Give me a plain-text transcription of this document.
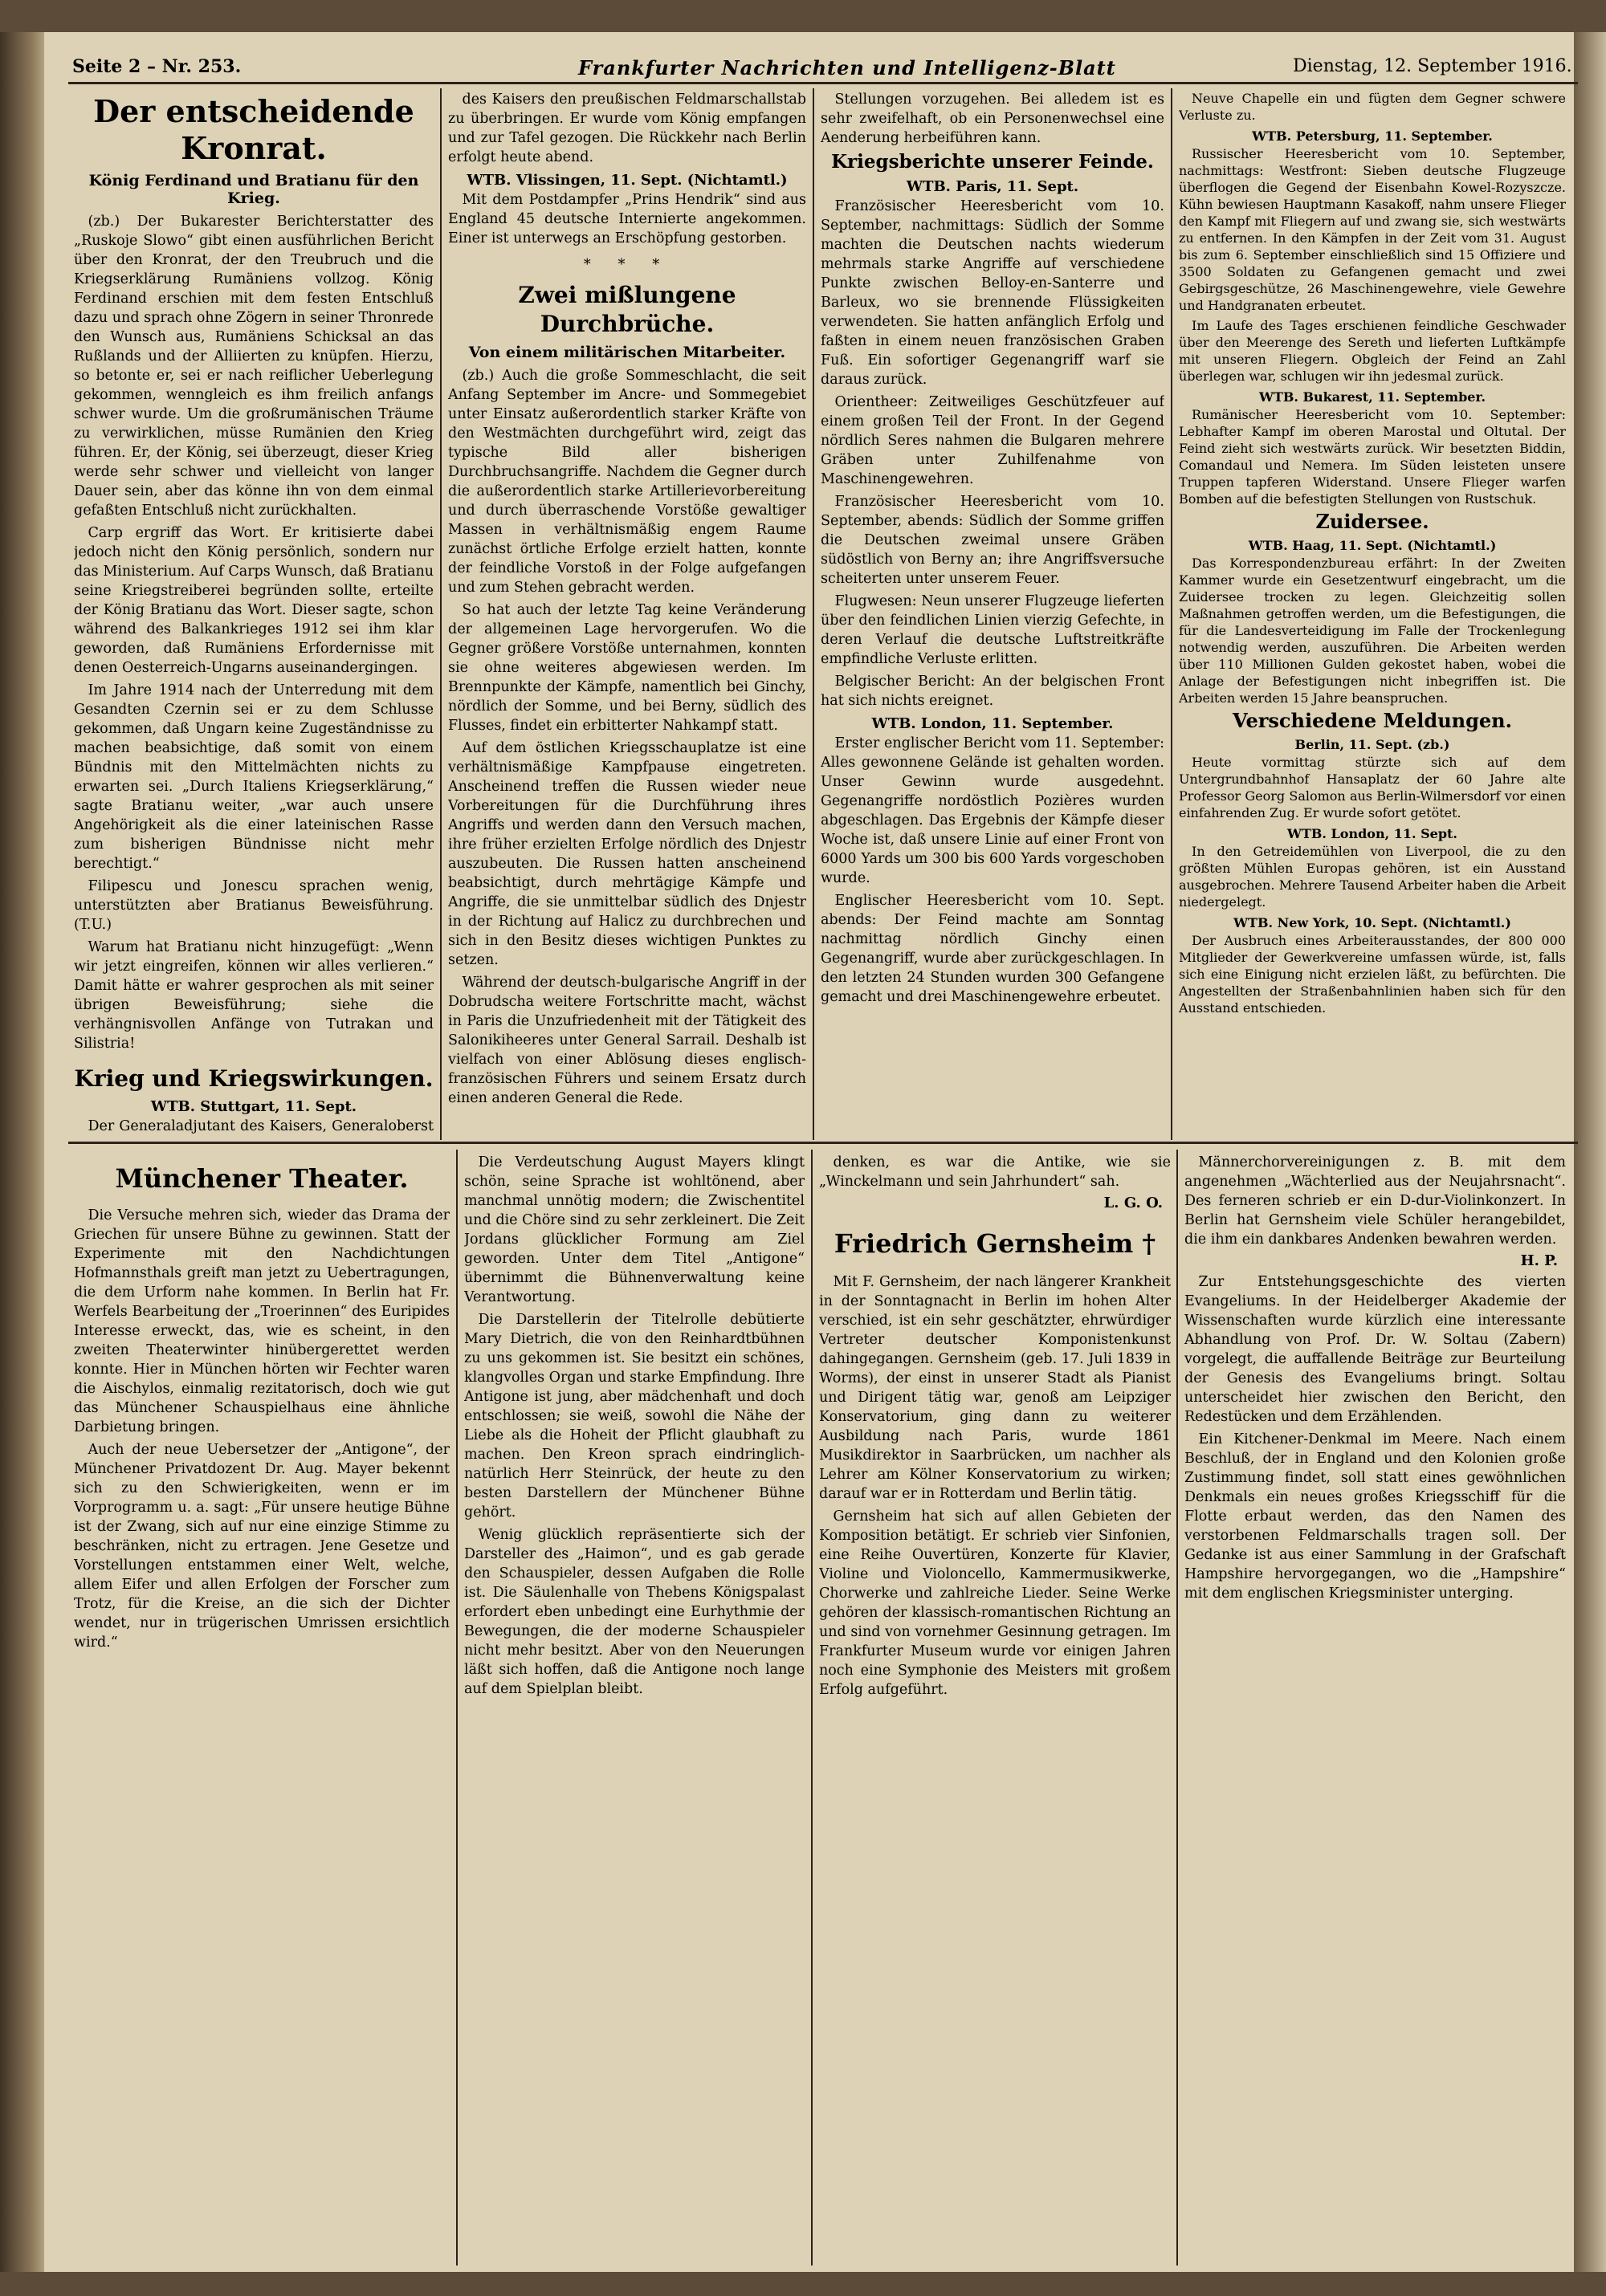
Seite 2 – Nr. 253.	Frankfurter Nachrichten und Intelligenz-Blatt	Dienstag, 12. September 1916.
Der entscheidende Kronrat.
König Ferdinand und Bratianu für den Krieg.

(zb.) Der Bukarester Berichterstatter des „Ruskoje Slowo“ gibt einen ausführlichen Bericht über den Kronrat, der den Treubruch und die Kriegserklärung Rumäniens vollzog. König Ferdinand erschien mit dem festen Entschluß dazu und sprach ohne Zögern in seiner Thronrede den Wunsch aus, Rumäniens Schicksal an das Rußlands und der Alliierten zu knüpfen. Hierzu, so betonte er, sei er nach reiflicher Ueberlegung gekommen, wenngleich es ihm freilich anfangs schwer wurde. Um die großrumänischen Träume zu verwirklichen, müsse Rumänien den Krieg führen. Er, der König, sei überzeugt, dieser Krieg werde sehr schwer und vielleicht von langer Dauer sein, aber das könne ihn von dem einmal gefaßten Entschluß nicht zurückhalten.

Carp ergriff das Wort. Er kritisierte dabei jedoch nicht den König persönlich, sondern nur das Ministerium. Auf Carps Wunsch, daß Bratianu seine Kriegstreiberei begründen sollte, erteilte der König Bratianu das Wort. Dieser sagte, schon während des Balkankrieges 1912 sei ihm klar geworden, daß Rumäniens Erfordernisse mit denen Oesterreich-Ungarns auseinandergingen.

Im Jahre 1914 nach der Unterredung mit dem Gesandten Czernin sei er zu dem Schlusse gekommen, daß Ungarn keine Zugeständnisse zu machen beabsichtige, daß somit von einem Bündnis mit den Mittelmächten nichts zu erwarten sei. „Durch Italiens Kriegserklärung,“ sagte Bratianu weiter, „war auch unsere Angehörigkeit als die einer lateinischen Rasse zum bisherigen Bündnisse nicht mehr berechtigt.“

Filipescu und Jonescu sprachen wenig, unterstützten aber Bratianus Beweisführung. (T.U.)

Warum hat Bratianu nicht hinzugefügt: „Wenn wir jetzt eingreifen, können wir alles verlieren.“ Damit hätte er wahrer gesprochen als mit seiner übrigen Beweisführung; siehe die verhängnisvollen Anfänge von Tutrakan und Silistria!

Krieg und Kriegswirkungen.
WTB. Stuttgart, 11. Sept.

Der Generaladjutant des Kaisers, Generaloberst

des Kaisers den preußischen Feldmarschallstab zu überbringen. Er wurde vom König empfangen und zur Tafel gezogen. Die Rückkehr nach Berlin erfolgt heute abend.

WTB. Vlissingen, 11. Sept. (Nichtamtl.)

Mit dem Postdampfer „Prins Hendrik“ sind aus England 45 deutsche Internierte angekommen. Einer ist unterwegs an Erschöpfung gestorben.

* * *
Zwei mißlungene Durchbrüche.
Von einem militärischen Mitarbeiter.

(zb.) Auch die große Sommeschlacht, die seit Anfang September im Ancre- und Sommegebiet unter Einsatz außerordentlich starker Kräfte von den Westmächten durchgeführt wird, zeigt das typische Bild aller bisherigen Durchbruchsangriffe. Nachdem die Gegner durch die außerordentlich starke Artillerievorbereitung und durch überraschende Vorstöße gewaltiger Massen in verhältnismäßig engem Raume zunächst örtliche Erfolge erzielt hatten, konnte der feindliche Vorstoß in der Folge aufgefangen und zum Stehen gebracht werden.

So hat auch der letzte Tag keine Veränderung der allgemeinen Lage hervorgerufen. Wo die Gegner größere Vorstöße unternahmen, konnten sie ohne weiteres abgewiesen werden. Im Brennpunkte der Kämpfe, namentlich bei Ginchy, nördlich der Somme, und bei Berny, südlich des Flusses, findet ein erbitterter Nahkampf statt.

Auf dem östlichen Kriegsschauplatze ist eine verhältnismäßige Kampfpause eingetreten. Anscheinend treffen die Russen wieder neue Vorbereitungen für die Durchführung ihres Angriffs und werden dann den Versuch machen, ihre früher erzielten Erfolge nördlich des Dnjestr auszubeuten. Die Russen hatten anscheinend beabsichtigt, durch mehrtägige Kämpfe und Angriffe, die sie unmittelbar südlich des Dnjestr in der Richtung auf Halicz zu durchbrechen und sich in den Besitz dieses wichtigen Punktes zu setzen.

Während der deutsch-bulgarische Angriff in der Dobrudscha weitere Fortschritte macht, wächst in Paris die Unzufriedenheit mit der Tätigkeit des Salonikiheeres unter General Sarrail. Deshalb ist vielfach von einer Ablösung dieses englisch-französischen Führers und seinem Ersatz durch einen anderen General die Rede.

Stellungen vorzugehen. Bei alledem ist es sehr zweifelhaft, ob ein Personenwechsel eine Aenderung herbeiführen kann.

Kriegsberichte unserer Feinde.
WTB. Paris, 11. Sept.

Französischer Heeresbericht vom 10. September, nachmittags: Südlich der Somme machten die Deutschen nachts wiederum mehrmals starke Angriffe auf verschiedene Punkte zwischen Belloy-en-Santerre und Barleux, wo sie brennende Flüssigkeiten verwendeten. Sie hatten anfänglich Erfolg und faßten in einem neuen französischen Graben Fuß. Ein sofortiger Gegenangriff warf sie daraus zurück.

Orientheer: Zeitweiliges Geschützfeuer auf einem großen Teil der Front. In der Gegend nördlich Seres nahmen die Bulgaren mehrere Gräben unter Zuhilfenahme von Maschinengewehren.

Französischer Heeresbericht vom 10. September, abends: Südlich der Somme griffen die Deutschen zweimal unsere Gräben südöstlich von Berny an; ihre Angriffsversuche scheiterten unter unserem Feuer.

Flugwesen: Neun unserer Flugzeuge lieferten über den feindlichen Linien vierzig Gefechte, in deren Verlauf die deutsche Luftstreitkräfte empfindliche Verluste erlitten.

Belgischer Bericht: An der belgischen Front hat sich nichts ereignet.

WTB. London, 11. September.

Erster englischer Bericht vom 11. September: Alles gewonnene Gelände ist gehalten worden. Unser Gewinn wurde ausgedehnt. Gegenangriffe nordöstlich Pozières wurden abgeschlagen. Das Ergebnis der Kämpfe dieser Woche ist, daß unsere Linie auf einer Front von 6000 Yards um 300 bis 600 Yards vorgeschoben wurde.

Englischer Heeresbericht vom 10. Sept. abends: Der Feind machte am Sonntag nachmittag nördlich Ginchy einen Gegenangriff, wurde aber zurückgeschlagen. In den letzten 24 Stunden wurden 300 Gefangene gemacht und drei Maschinengewehre erbeutet.

Neuve Chapelle ein und fügten dem Gegner schwere Verluste zu.

WTB. Petersburg, 11. September.

Russischer Heeresbericht vom 10. September, nachmittags: Westfront: Sieben deutsche Flugzeuge überflogen die Gegend der Eisenbahn Kowel-Rozyszcze. Kühn bewiesen Hauptmann Kasakoff, nahm unsere Flieger den Kampf mit Fliegern auf und zwang sie, sich westwärts zu entfernen. In den Kämpfen in der Zeit vom 31. August bis zum 6. September einschließlich sind 15 Offiziere und 3500 Soldaten zu Gefangenen gemacht und zwei Gebirgsgeschütze, 26 Maschinengewehre, viele Gewehre und Handgranaten erbeutet.

Im Laufe des Tages erschienen feindliche Geschwader über den Meerenge des Sereth und lieferten Luftkämpfe mit unseren Fliegern. Obgleich der Feind an Zahl überlegen war, schlugen wir ihn jedesmal zurück.

WTB. Bukarest, 11. September.

Rumänischer Heeresbericht vom 10. September: Lebhafter Kampf im oberen Marostal und Oltutal. Der Feind zieht sich westwärts zurück. Wir besetzten Biddin, Comandaul und Nemera. Im Süden leisteten unsere Truppen tapferen Widerstand. Unsere Flieger warfen Bomben auf die befestigten Stellungen von Rustschuk.

Zuidersee.
WTB. Haag, 11. Sept. (Nichtamtl.)

Das Korrespondenzbureau erfährt: In der Zweiten Kammer wurde ein Gesetzentwurf eingebracht, um die Zuidersee trocken zu legen. Gleichzeitig sollen Maßnahmen getroffen werden, um die Befestigungen, die für die Landesverteidigung im Falle der Trockenlegung notwendig werden, auszuführen. Die Arbeiten werden über 110 Millionen Gulden gekostet haben, wobei die Anlage der Befestigungen nicht inbegriffen ist. Die Arbeiten werden 15 Jahre beanspruchen.

Verschiedene Meldungen.
Berlin, 11. Sept. (zb.)

Heute vormittag stürzte sich auf dem Untergrundbahnhof Hansaplatz der 60 Jahre alte Professor Georg Salomon aus Berlin-Wilmersdorf vor einen einfahrenden Zug. Er wurde sofort getötet.

WTB. London, 11. Sept.

In den Getreidemühlen von Liverpool, die zu den größten Mühlen Europas gehören, ist ein Ausstand ausgebrochen. Mehrere Tausend Arbeiter haben die Arbeit niedergelegt.

WTB. New York, 10. Sept. (Nichtamtl.)

Der Ausbruch eines Arbeiterausstandes, der 800 000 Mitglieder der Gewerkvereine umfassen würde, ist, falls sich eine Einigung nicht erzielen läßt, zu befürchten. Die Angestellten der Straßenbahnlinien haben sich für den Ausstand entschieden.

Münchener Theater.

Die Versuche mehren sich, wieder das Drama der Griechen für unsere Bühne zu gewinnen. Statt der Experimente mit den Nachdichtungen Hofmannsthals greift man jetzt zu Uebertragungen, die dem Urform nahe kommen. In Berlin hat Fr. Werfels Bearbeitung der „Troerinnen“ des Euripides Interesse erweckt, das, wie es scheint, in den zweiten Theaterwinter hinübergerettet werden konnte. Hier in München hörten wir Fechter waren die Aischylos, einmalig rezitatorisch, doch wie gut das Münchener Schauspielhaus eine ähnliche Darbietung bringen.

Auch der neue Uebersetzer der „Antigone“, der Münchener Privatdozent Dr. Aug. Mayer bekennt sich zu den Schwierigkeiten, wenn er im Vorprogramm u. a. sagt: „Für unsere heutige Bühne ist der Zwang, sich auf nur eine einzige Stimme zu beschränken, nicht zu ertragen. Jene Gesetze und Vorstellungen entstammen einer Welt, welche, allem Eifer und allen Erfolgen der Forscher zum Trotz, für die Kreise, an die sich der Dichter wendet, nur in trügerischen Umrissen ersichtlich wird.“

Die Verdeutschung August Mayers klingt schön, seine Sprache ist wohltönend, aber manchmal unnötig modern; die Zwischentitel und die Chöre sind zu sehr zerkleinert. Die Zeit Jordans glücklicher Formung am Ziel geworden. Unter dem Titel „Antigone“ übernimmt die Bühnenverwaltung keine Verantwortung.

Die Darstellerin der Titelrolle debütierte Mary Dietrich, die von den Reinhardtbühnen zu uns gekommen ist. Sie besitzt ein schönes, klangvolles Organ und starke Empfindung. Ihre Antigone ist jung, aber mädchenhaft und doch entschlossen; sie weiß, sowohl die Nähe der Liebe als die Hoheit der Pflicht glaubhaft zu machen. Den Kreon sprach eindringlich-natürlich Herr Steinrück, der heute zu den besten Darstellern der Münchener Bühne gehört.

Wenig glücklich repräsentierte sich der Darsteller des „Haimon“, und es gab gerade den Schauspieler, dessen Aufgaben die Rolle ist. Die Säulenhalle von Thebens Königspalast erfordert eben unbedingt eine Eurhythmie der Bewegungen, die der moderne Schauspieler nicht mehr besitzt. Aber von den Neuerungen läßt sich hoffen, daß die Antigone noch lange auf dem Spielplan bleibt.

denken, es war die Antike, wie sie „Winckelmann und sein Jahrhundert“ sah.

L. G. O.
Friedrich Gernsheim †

Mit F. Gernsheim, der nach längerer Krankheit in der Sonntagnacht in Berlin im hohen Alter verschied, ist ein sehr geschätzter, ehrwürdiger Vertreter deutscher Komponistenkunst dahingegangen. Gernsheim (geb. 17. Juli 1839 in Worms), der einst in unserer Stadt als Pianist und Dirigent tätig war, genoß am Leipziger Konservatorium, ging dann zu weiterer Ausbildung nach Paris, wurde 1861 Musikdirektor in Saarbrücken, um nachher als Lehrer am Kölner Konservatorium zu wirken; darauf war er in Rotterdam und Berlin tätig.

Gernsheim hat sich auf allen Gebieten der Komposition betätigt. Er schrieb vier Sinfonien, eine Reihe Ouvertüren, Konzerte für Klavier, Violine und Violoncello, Kammermusikwerke, Chorwerke und zahlreiche Lieder. Seine Werke gehören der klassisch-romantischen Richtung an und sind von vornehmer Gesinnung getragen. Im Frankfurter Museum wurde vor einigen Jahren noch eine Symphonie des Meisters mit großem Erfolg aufgeführt.

Männerchorvereinigungen z. B. mit dem angenehmen „Wächterlied aus der Neujahrsnacht“. Des ferneren schrieb er ein D-dur-Violinkonzert. In Berlin hat Gernsheim viele Schüler herangebildet, die ihm ein dankbares Andenken bewahren werden.

H. P.

Zur Entstehungsgeschichte des vierten Evangeliums. In der Heidelberger Akademie der Wissenschaften wurde kürzlich eine interessante Abhandlung von Prof. Dr. W. Soltau (Zabern) vorgelegt, die auffallende Beiträge zur Beurteilung der Genesis des Evangeliums bringt. Soltau unterscheidet hier zwischen den Bericht, den Redestücken und dem Erzählenden.

Ein Kitchener-Denkmal im Meere. Nach einem Beschluß, der in England und den Kolonien große Zustimmung findet, soll statt eines gewöhnlichen Denkmals ein neues großes Kriegsschiff für die Flotte erbaut werden, das den Namen des verstorbenen Feldmarschalls tragen soll. Der Gedanke ist aus einer Sammlung in der Grafschaft Hampshire hervorgegangen, wo die „Hampshire“ mit dem englischen Kriegsminister unterging.
